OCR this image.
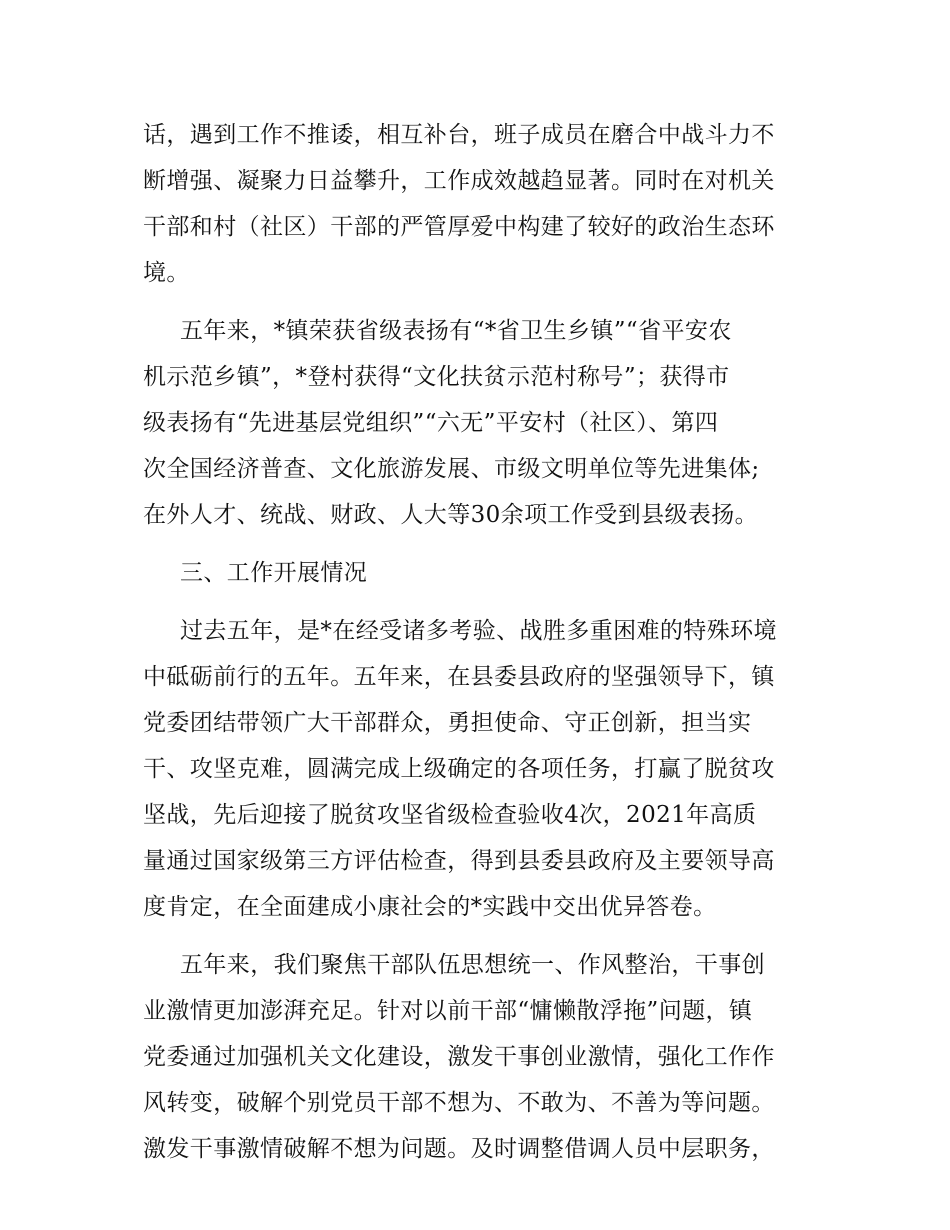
话，遇到工作不推诿，相互补台，班子成员在磨合中战斗力不
断增强、凝聚力日益攀升，工作成效越趋显著。同时在对机关
干部和村（社区）干部的严管厚爱中构建了较好的政治生态环
境。
五年来，*镇荣获省级表扬有“*省卫生乡镇”“省平安农
机示范乡镇”，*登村获得“文化扶贫示范村称号”；获得市
级表扬有“先进基层党组织”“六无”平安村（社区）、第四
次全国经济普查、文化旅游发展、市级文明单位等先进集体;
在外人才、统战、财政、人大等30余项工作受到县级表扬。
三、工作开展情况
过去五年，是*在经受诸多考验、战胜多重困难的特殊环境
中砥砺前行的五年。五年来，在县委县政府的坚强领导下，镇
党委团结带领广大干部群众，勇担使命、守正创新，担当实
干、攻坚克难，圆满完成上级确定的各项任务，打赢了脱贫攻
坚战，先后迎接了脱贫攻坚省级检查验收4次，2021年高质
量通过国家级第三方评估检查，得到县委县政府及主要领导高
度肯定，在全面建成小康社会的*实践中交出优异答卷。
五年来，我们聚焦干部队伍思想统一、作风整治，干事创
业激情更加澎湃充足。针对以前干部“慵懒散浮拖”问题，镇
党委通过加强机关文化建设，激发干事创业激情，强化工作作
风转变，破解个别党员干部不想为、不敢为、不善为等问题。
激发干事激情破解不想为问题。及时调整借调人员中层职务，
